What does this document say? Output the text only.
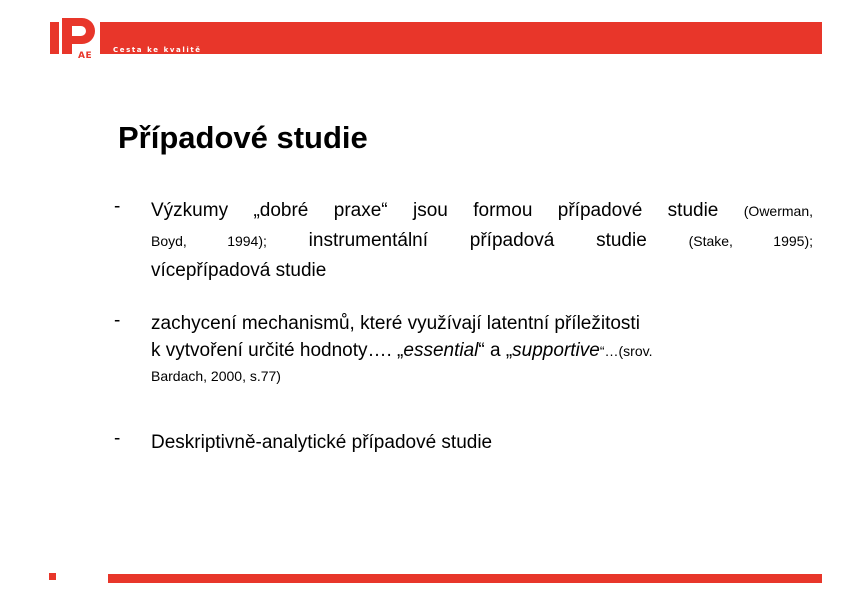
AE
Cesta ke kvalitě
Případové studie
- Výzkumy „dobré praxe“ jsou formou případové studie (Owerman,
Boyd, 1994); instrumentální případová studie	(Stake, 1995);
vícepřípadová studie
- zachycení mechanismů, které využívají latentní příležitosti
k vytvoření určité hodnoty…. „essential“ a „supportive“…(srov.
Bardach, 2000, s.77)
- Deskriptivně-analytické případové studie
